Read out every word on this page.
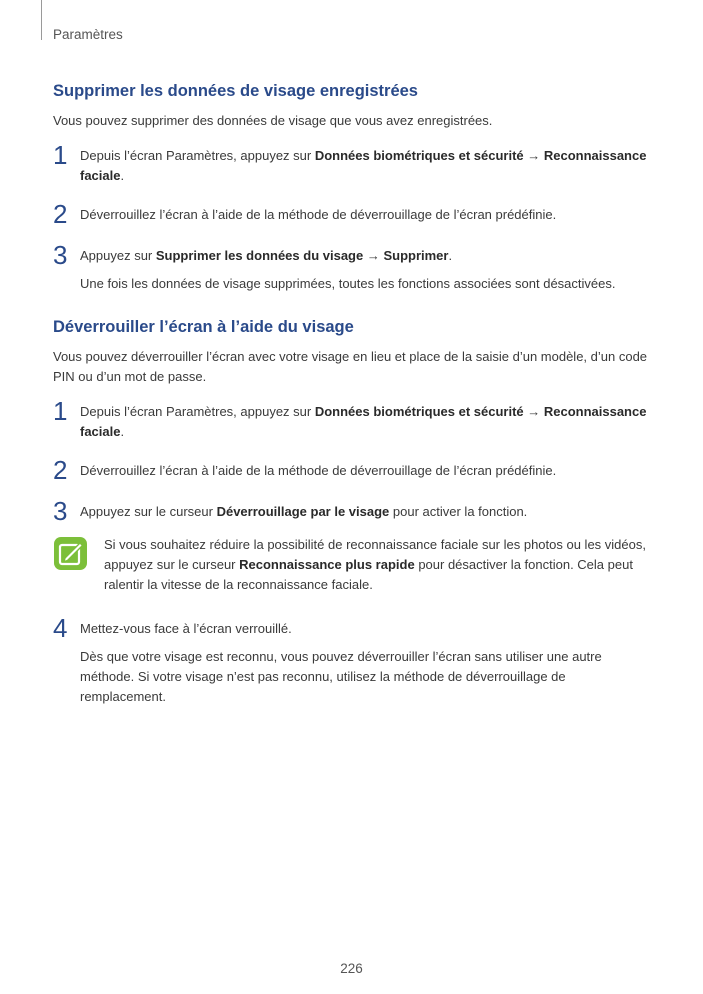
Paramètres
Supprimer les données de visage enregistrées

Vous pouvez supprimer des données de visage que vous avez enregistrées.

1 Depuis l’écran Paramètres, appuyez sur Données biométriques et sécurité → Reconnaissance faciale.

2 Déverrouillez l’écran à l’aide de la méthode de déverrouillage de l’écran prédéfinie.

3 Appuyez sur Supprimer les données du visage → Supprimer.

Une fois les données de visage supprimées, toutes les fonctions associées sont désactivées.

Déverrouiller l’écran à l’aide du visage

Vous pouvez déverrouiller l’écran avec votre visage en lieu et place de la saisie d’un modèle, d’un code PIN ou d’un mot de passe.

1 Depuis l’écran Paramètres, appuyez sur Données biométriques et sécurité → Reconnaissance faciale.

2 Déverrouillez l’écran à l’aide de la méthode de déverrouillage de l’écran prédéfinie.

3 Appuyez sur le curseur Déverrouillage par le visage pour activer la fonction.

Si vous souhaitez réduire la possibilité de reconnaissance faciale sur les photos ou les vidéos, appuyez sur le curseur Reconnaissance plus rapide pour désactiver la fonction. Cela peut ralentir la vitesse de la reconnaissance faciale.

4 Mettez-vous face à l’écran verrouillé.

Dès que votre visage est reconnu, vous pouvez déverrouiller l’écran sans utiliser une autre méthode. Si votre visage n’est pas reconnu, utilisez la méthode de déverrouillage de remplacement.

226
